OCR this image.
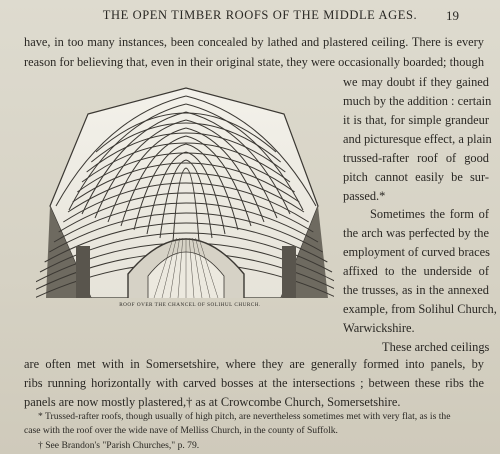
THE OPEN TIMBER ROOFS OF THE MIDDLE AGES.	19
have, in too many instances, been concealed by lathed and plastered ceiling. There is every
reason for believing that, even in their original state, they were occasionally boarded; though
we may doubt if they gained
much by the addition : certain
it is that, for simple grandeur
and picturesque effect, a plain
trussed-rafter roof of good
pitch cannot easily be sur-
passed.*
Sometimes the form of
the arch was perfected by the
employment of curved braces
affixed to the underside of
the trusses, as in the annexed
example, from Solihul Church,
Warwickshire.
These arched ceilings
are often met with in Somersetshire, where they are generally formed into panels, by
ribs running horizontally with carved bosses at the intersections ; between these ribs the
panels are now mostly plastered,† as at Crowcombe Church, Somersetshire.
* Trussed-rafter roofs, though usually of high pitch, are nevertheless sometimes met with very flat, as is the
case with the roof over the wide nave of Melliss Church, in the county of Suffolk.
† See Brandon's "Parish Churches," p. 79.
ROOF OVER THE CHANCEL OF SOLIHUL CHURCH.
